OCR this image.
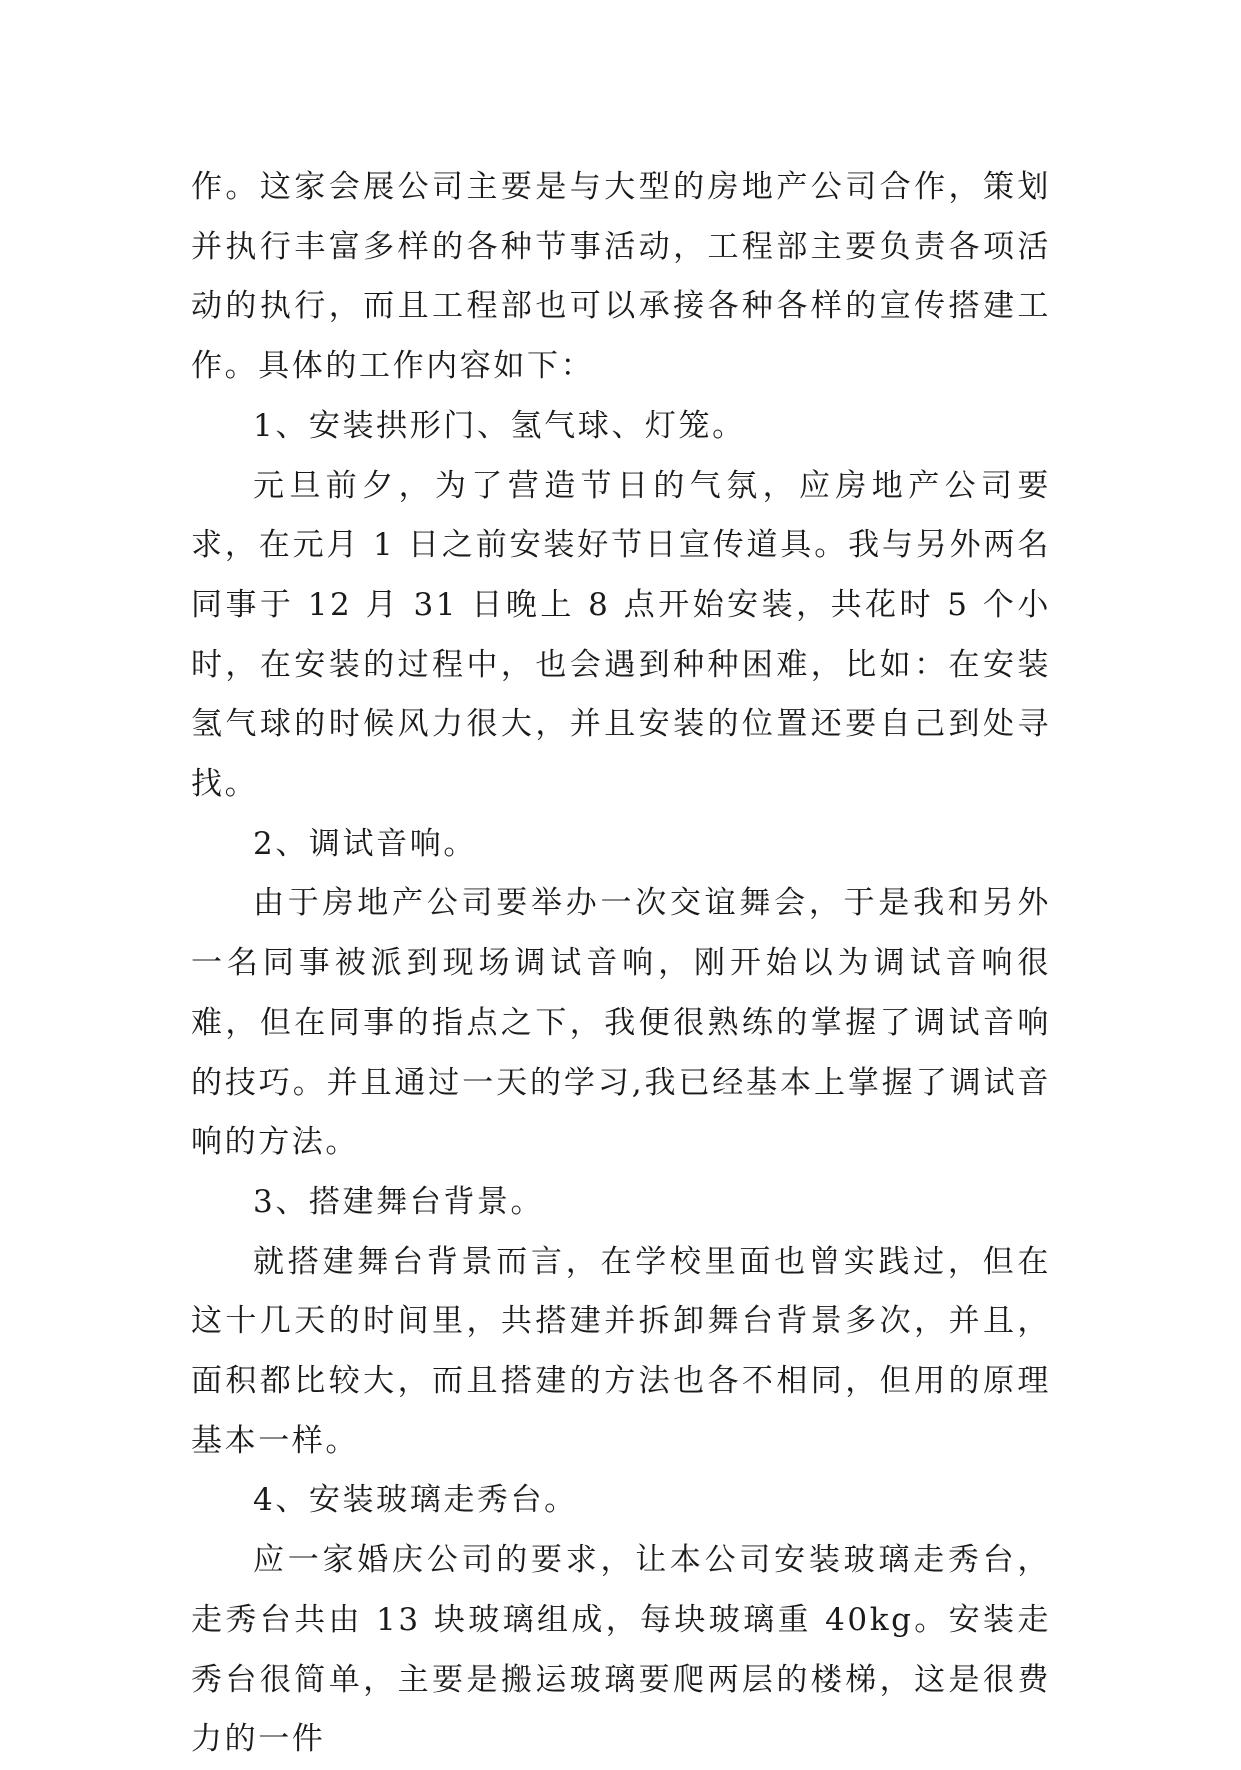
作。这家会展公司主要是与大型的房地产公司合作，策划并执行丰富多样的各种节事活动，工程部主要负责各项活动的执行，而且工程部也可以承接各种各样的宣传搭建工作。具体的工作内容如下：

1、安装拱形门、氢气球、灯笼。

元旦前夕，为了营造节日的气氛，应房地产公司要求，在元月 1 日之前安装好节日宣传道具。我与另外两名同事于 12 月 31 日晚上 8 点开始安装，共花时 5 个小时，在安装的过程中，也会遇到种种困难，比如：在安装氢气球的时候风力很大，并且安装的位置还要自己到处寻找。

2、调试音响。

由于房地产公司要举办一次交谊舞会，于是我和另外一名同事被派到现场调试音响，刚开始以为调试音响很难，但在同事的指点之下，我便很熟练的掌握了调试音响的技巧。并且通过一天的学习,我已经基本上掌握了调试音响的方法。

3、搭建舞台背景。

就搭建舞台背景而言，在学校里面也曾实践过，但在这十几天的时间里，共搭建并拆卸舞台背景多次，并且，面积都比较大，而且搭建的方法也各不相同，但用的原理基本一样。

4、安装玻璃走秀台。

应一家婚庆公司的要求，让本公司安装玻璃走秀台，走秀台共由 13 块玻璃组成，每块玻璃重 40kg。安装走秀台很简单，主要是搬运玻璃要爬两层的楼梯，这是很费力的一件
